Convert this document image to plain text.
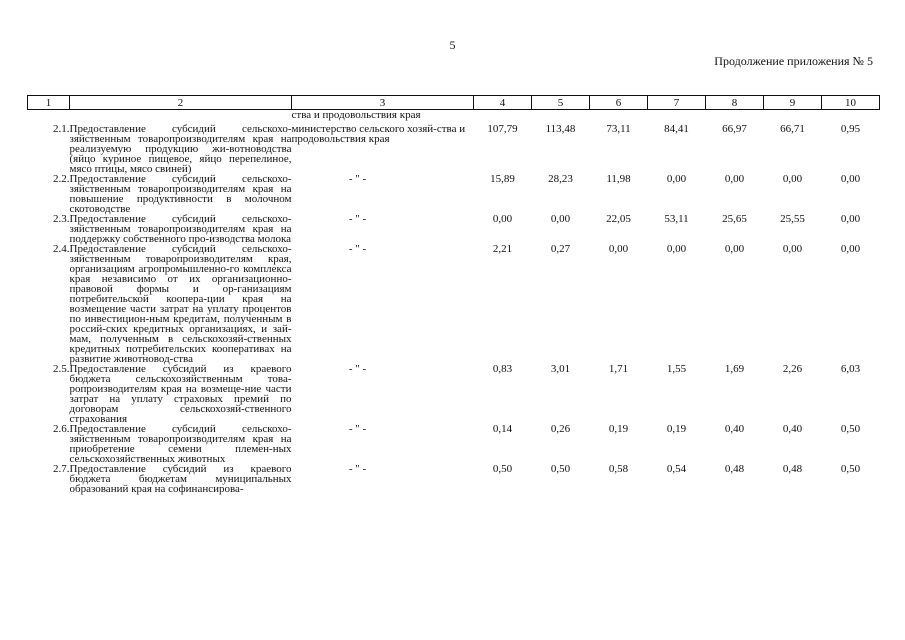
5
Продолжение приложения № 5
1	2	3	4	5	6	7	8	9	10
		ства и продовольствия края							
2.1.	Предоставление субсидий сельскохо-зяйственным товаропроизводителям края на реализуемую продукцию жи-вотноводства (яйцо куриное пищевое, яйцо перепелиное, мясо птицы, мясо свиней)	министерство сельского хозяй-ства и продовольствия края	107,79	113,48	73,11	84,41	66,97	66,71	0,95
2.2.	Предоставление субсидий сельскохо-зяйственным товаропроизводителям края на повышение продуктивности в молочном скотоводстве	- " -	15,89	28,23	11,98	0,00	0,00	0,00	0,00
2.3.	Предоставление субсидий сельскохо-зяйственным товаропроизводителям края на поддержку собственного про-изводства молока	- " -	0,00	0,00	22,05	53,11	25,65	25,55	0,00
2.4.	Предоставление субсидий сельскохо-зяйственным товаропроизводителям края, организациям агропромышленно-го комплекса края независимо от их организационно-правовой формы и ор-ганизациям потребительской коопера-ции края на возмещение части затрат на уплату процентов по инвестицион-ным кредитам, полученным в россий-ских кредитных организациях, и зай-мам, полученным в сельскохозяй-ственных кредитных потребительских кооперативах на развитие животновод-ства	- " -	2,21	0,27	0,00	0,00	0,00	0,00	0,00
2.5.	Предоставление субсидий из краевого бюджета сельскохозяйственным това-ропроизводителям края на возмеще-ние части затрат на уплату страховых премий по договорам сельскохозяй-ственного страхования	- " -	0,83	3,01	1,71	1,55	1,69	2,26	6,03
2.6.	Предоставление субсидий сельскохо-зяйственным товаропроизводителям края на приобретение семени племен-ных сельскохозяйственных животных	- " -	0,14	0,26	0,19	0,19	0,40	0,40	0,50
2.7.	Предоставление субсидий из краевого бюджета бюджетам муниципальных образований края на софинансирова-	- " -	0,50	0,50	0,58	0,54	0,48	0,48	0,50
